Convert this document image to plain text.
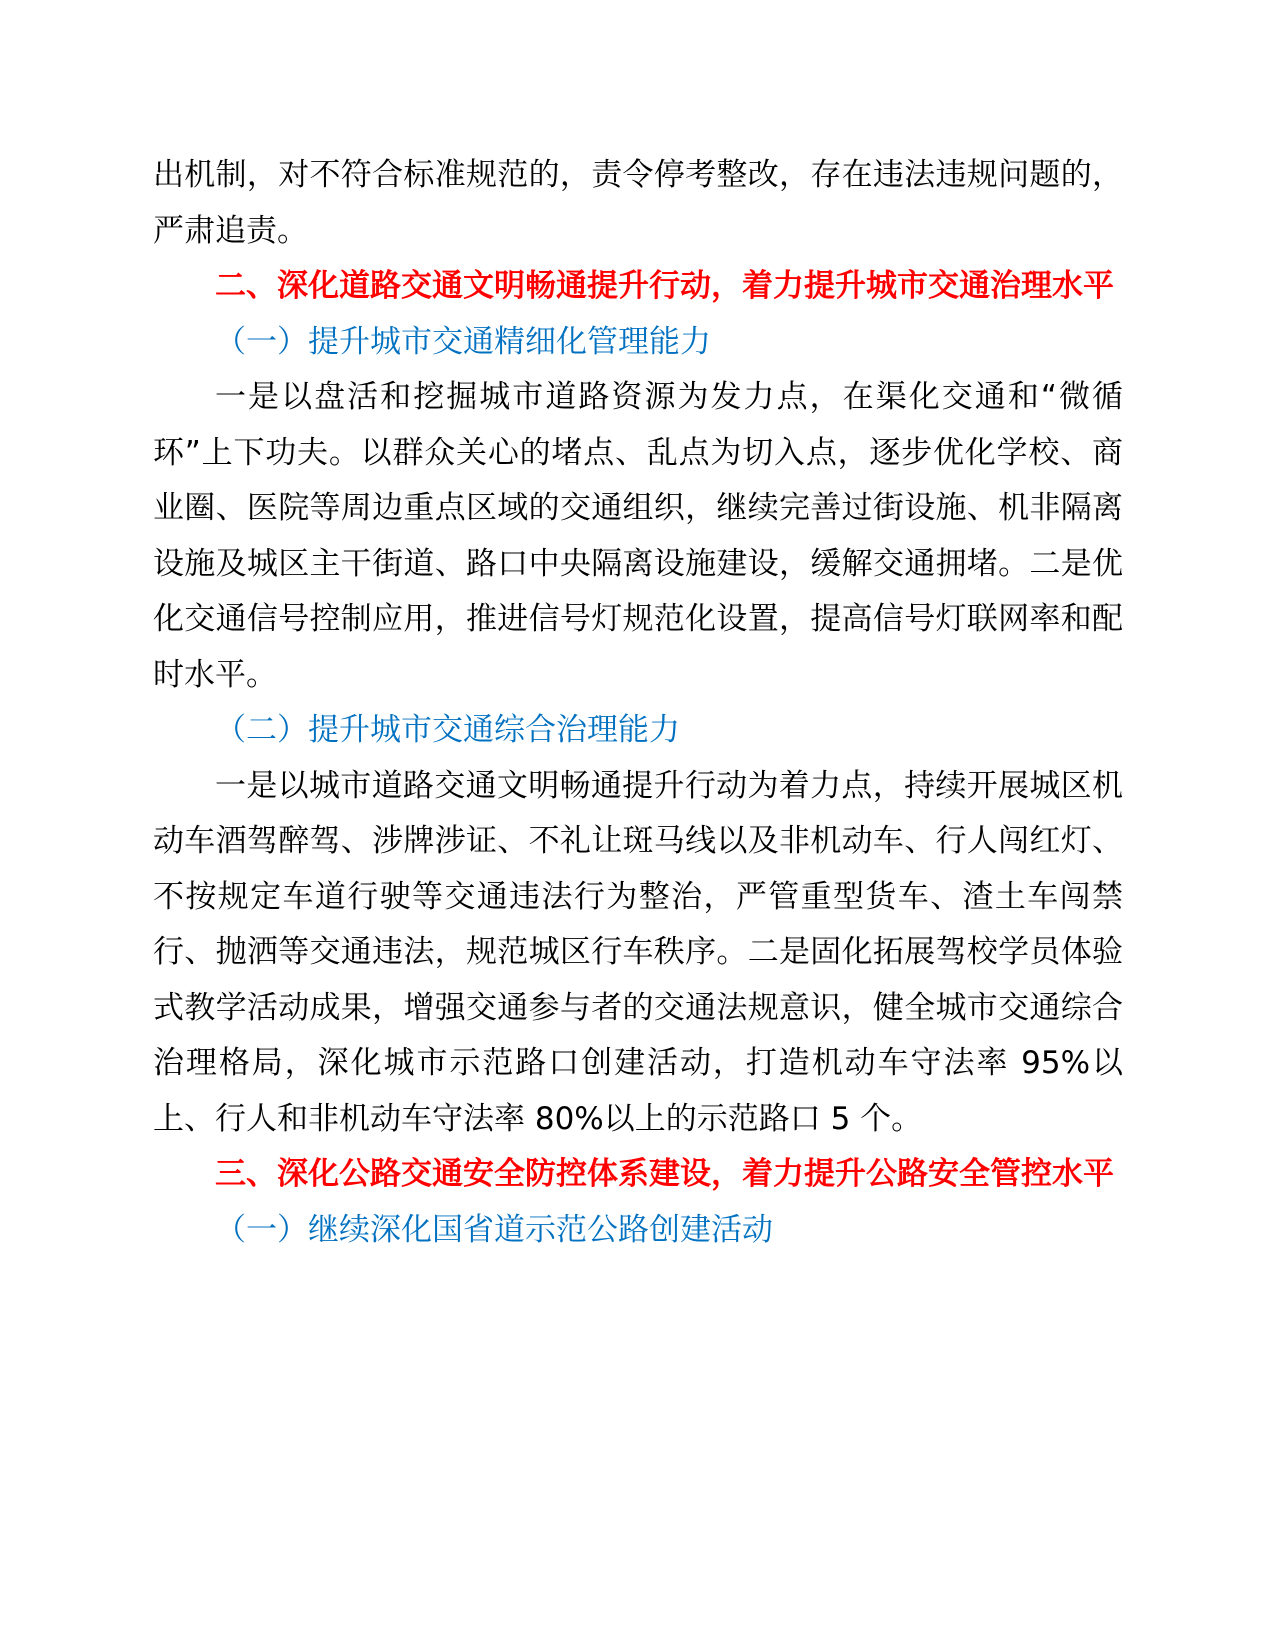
出机制，对不符合标准规范的，责令停考整改，存在违法违规问题的，严肃追责。

二、深化道路交通文明畅通提升行动，着力提升城市交通治理水平

（一）提升城市交通精细化管理能力

一是以盘活和挖掘城市道路资源为发力点，在渠化交通和“微循环”上下功夫。以群众关心的堵点、乱点为切入点，逐步优化学校、商业圈、医院等周边重点区域的交通组织，继续完善过街设施、机非隔离设施及城区主干街道、路口中央隔离设施建设，缓解交通拥堵。二是优化交通信号控制应用，推进信号灯规范化设置，提高信号灯联网率和配时水平。

（二）提升城市交通综合治理能力

一是以城市道路交通文明畅通提升行动为着力点，持续开展城区机动车酒驾醉驾、涉牌涉证、不礼让斑马线以及非机动车、行人闯红灯、不按规定车道行驶等交通违法行为整治，严管重型货车、渣土车闯禁行、抛洒等交通违法，规范城区行车秩序。二是固化拓展驾校学员体验式教学活动成果，增强交通参与者的交通法规意识，健全城市交通综合治理格局，深化城市示范路口创建活动，打造机动车守法率 95%以上、行人和非机动车守法率 80%以上的示范路口 5 个。

三、深化公路交通安全防控体系建设，着力提升公路安全管控水平

（一）继续深化国省道示范公路创建活动
